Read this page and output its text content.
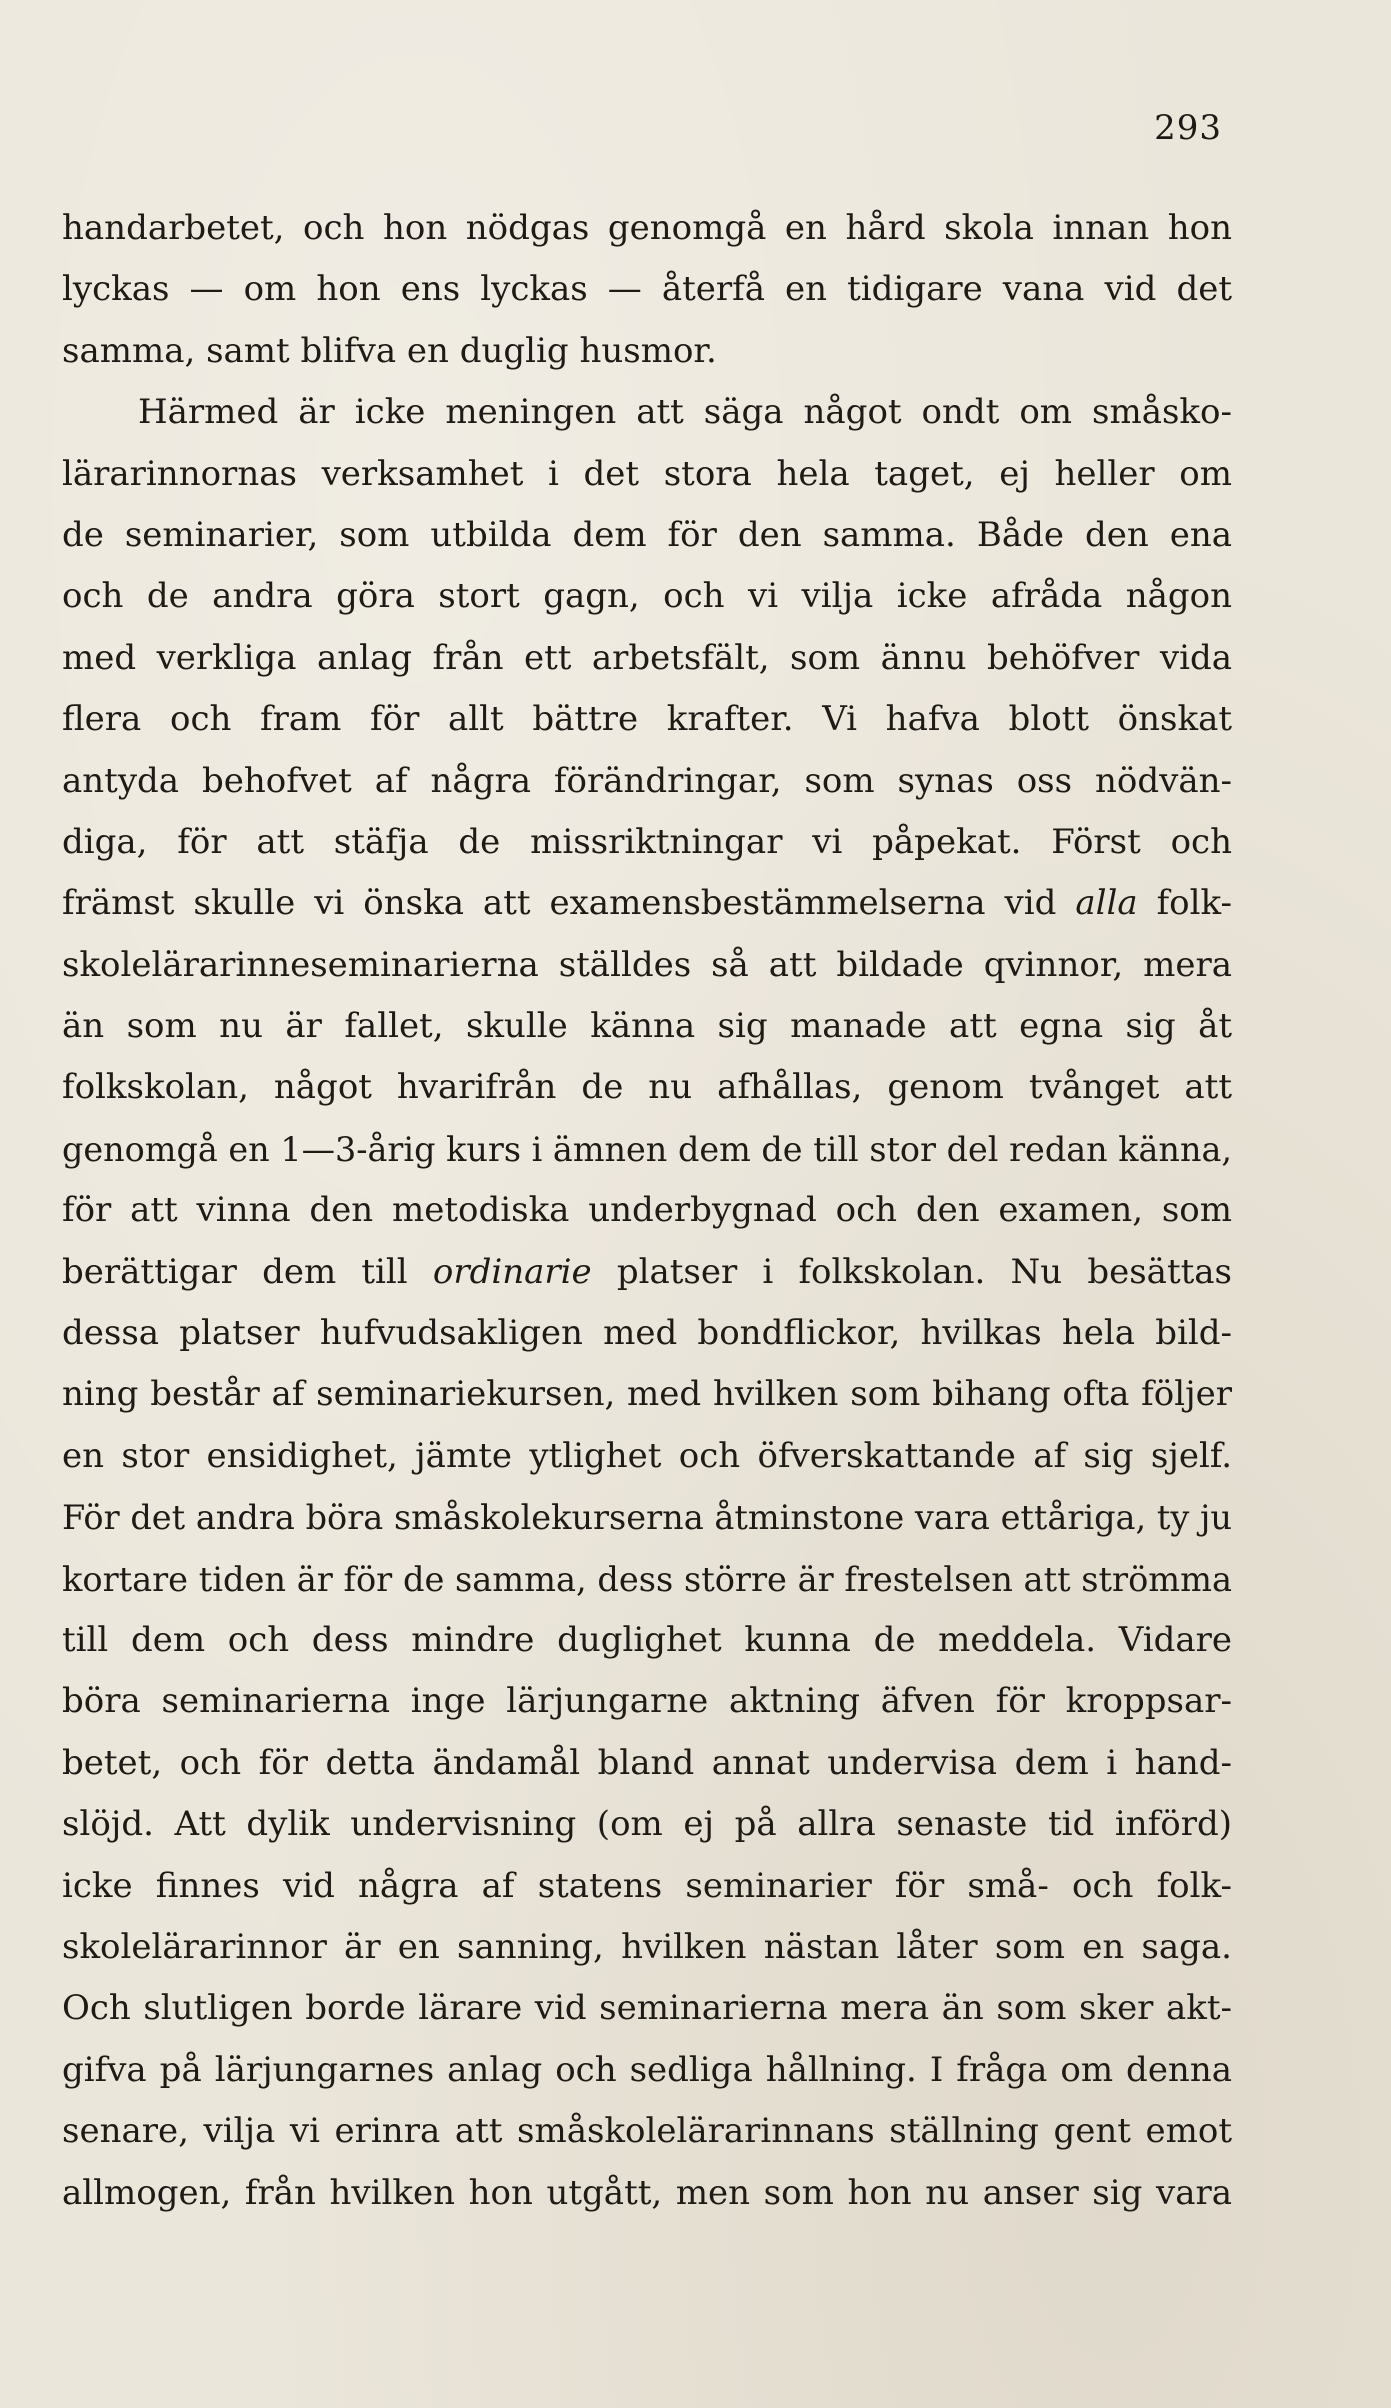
293
handarbetet, och hon nödgas genomgå en hård skola innan hon
lyckas — om hon ens lyckas — återfå en tidigare vana vid det
samma, samt blifva en duglig husmor.
Härmed är icke meningen att säga något ondt om småsko-
lärarinnornas verksamhet i det stora hela taget, ej heller om
de seminarier, som utbilda dem för den samma. Både den ena
och de andra göra stort gagn, och vi vilja icke afråda någon
med verkliga anlag från ett arbetsfält, som ännu behöfver vida
flera och fram för allt bättre krafter. Vi hafva blott önskat
antyda behofvet af några förändringar, som synas oss nödvän-
diga, för att stäfja de missriktningar vi påpekat. Först och
främst skulle vi önska att examensbestämmelserna vid alla folk-
skolelärarinneseminarierna ställdes så att bildade qvinnor, mera
än som nu är fallet, skulle känna sig manade att egna sig åt
folkskolan, något hvarifrån de nu afhållas, genom tvånget att
genomgå en 1—3-årig kurs i ämnen dem de till stor del redan känna,
för att vinna den metodiska underbygnad och den examen, som
berättigar dem till ordinarie platser i folkskolan. Nu besättas
dessa platser hufvudsakligen med bondflickor, hvilkas hela bild-
ning består af seminariekursen, med hvilken som bihang ofta följer
en stor ensidighet, jämte ytlighet och öfverskattande af sig sjelf.
För det andra böra småskolekurserna åtminstone vara ettåriga, ty ju
kortare tiden är för de samma, dess större är frestelsen att strömma
till dem och dess mindre duglighet kunna de meddela. Vidare
böra seminarierna inge lärjungarne aktning äfven för kroppsar-
betet, och för detta ändamål bland annat undervisa dem i hand-
slöjd. Att dylik undervisning (om ej på allra senaste tid införd)
icke finnes vid några af statens seminarier för små- och folk-
skolelärarinnor är en sanning, hvilken nästan låter som en saga.
Och slutligen borde lärare vid seminarierna mera än som sker akt-
gifva på lärjungarnes anlag och sedliga hållning. I fråga om denna
senare, vilja vi erinra att småskolelärarinnans ställning gent emot
allmogen, från hvilken hon utgått, men som hon nu anser sig vara
